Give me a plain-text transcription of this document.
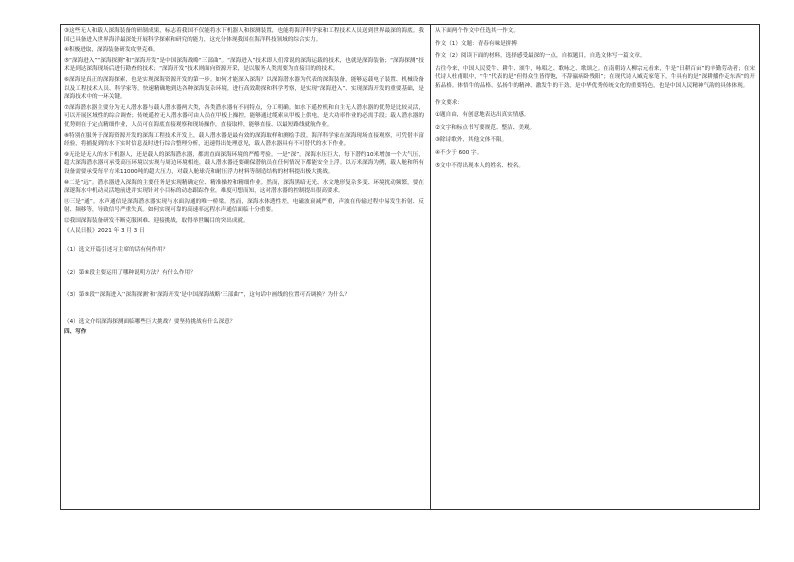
③这些无人和载人深海装备的研制成果，标志着我国不仅能将水下机器人和探测装置，也能将海洋科学家和工程技术人员送到世界最深的海底。我国已具备进入世界海洋最深处开展科学探索和研究的能力，这充分体现我国在海洋科技领域的综合实力。

④积极进取，深海装备研发攻坚克难。

⑤“深海进入”“深海探测”和“深海开发”是中国深海战略“三部曲”。“深海进入”技术即人们常说的深海运载的技术，也就是深海装备；“深海探测”技术是到达深海现场后进行勘查的技术；“深海开发”技术则面向资源开采，是以服务人类需要为直接目的的技术。

⑥深海是真正的深海探索，也是实现深海资源开发的第一步。如何才能深入深海？以深海潜水器为代表的深海装备，能够运载电子装置、机械设备以及工程技术人员、科学家等，快速精确地到达各种深海复杂环境，进行高效勘探和科学考察，是实现“深海进入”、实现深海开发的重要基础，是深海技术中的一环关键。

⑦深海潜水器主要分为无人潜水器与载人潜水器两大类，各类潜水器有不同特点，分工明确。如水下遥控机和自主无人潜水器的优势是比较灵活，可以开展区域性的综合调查；传统遥控无人潜水器可由人员在甲板上操控，能够通过缆索从甲板上供电，是大功率作业的必需手段；载人潜水器的优势则在于定点精细作业，人员可在海底直接观察和现场操作，直接取样，能够直接、以最短路线就航作业。

⑧特别在服务于深海资源开发的深海工程技术开发上，载人潜水器是最有效的深海取样和测绘手段。海洋科学家在深海现场直接观察，可凭借丰富经验，将捕捉到的水下实时信息及时进行综合整理分析，迅速得出处理意见，载人潜水器具有不可替代的水下作业。

⑨无论是无人的水下机器人，还是载人的深海潜水器，都需直面深海环境的严酷考验。一是“深”，深海水压巨大，每下潜约10米增加一个大气压，超大深海潜水器可承受高压环境以实现与周边环境相连，载人潜水器还要确保潜航员在任何情况下都能安全上浮。以万米深海为例，载人舱和所有设备需要承受每平方米11000吨的超大压力，对载人舱球壳和耐压浮力材料等制造结构的材料提出极大挑战。

⑩二是“远”。潜水器进入深海的主要任务是实现精确定位、精准操控和精细作业。然而，深海黑暗无光、水文地形复杂多变、环境扰动频繁，要在深邃海水中机动灵活地前进并实现针对小目标的动态跟踪作业，难度可想而知，这对潜水器的控制提出很高要求。

⑪三是“通”。水声通信是深海潜水器实现与水面沟通的唯一桥梁。然而，深海水体透性差，电磁波衰减严重，声波在传输过程中易发生折射、反射、频移等，导致信号严重失真。如何实现可靠的高速率远程水声通信面临十分重要。

⑫我国深海装备研发不断克服困难、迎接挑战，取得举世瞩目的突出成就。

《人民日报》2021 年 3 月 3 日

（1）选文开篇引述习主席的话有何作用？

（2）第⑥段主要运用了哪种说明方法？有什么作用？

（3）第⑤段“‘深海进入’‘深海探测’和‘深海开发’是中国深海战略‘三部曲’”，这句话中画线的位置可否调换？为什么？

（4）选文介绍深海探测面临哪些巨大挑战？要坚持挑战有什么深意？

四、写作

从下面两个作文中任选其一作文。

作文（1）文题：青春有味是拼搏

作文（2）阅读下面的材料，选择感受最深的一点，自拟题目，自选文体写一篇文章。

古往今来，中国人民爱牛、耕牛、颂牛，咏唱之、歌咏之、歌颂之。在南朝诗人柳宗元看来，牛是“日耕百亩”的辛勤劳动者；在宋代诗人杜甫眼中，“牛”代表的是“但得众生皆得饱，不辞羸病卧残阳”；在现代诗人臧克家笔下，牛具有的是“深耕播作走东西”的开拓品格。体悟牛的品格、弘扬牛的精神、激发牛的干劲，是中华优秀传统文化的重要特色，也是中国人民精神气韵的具体体现。

作文要求：

①题自由，有创意地表达出真实情感。

②文字和标点书写要规范、整洁、美观。

③除诗歌外，其他文体不限。

④不少于 600 字。

⑤文中不得出现本人的姓名、校名。
